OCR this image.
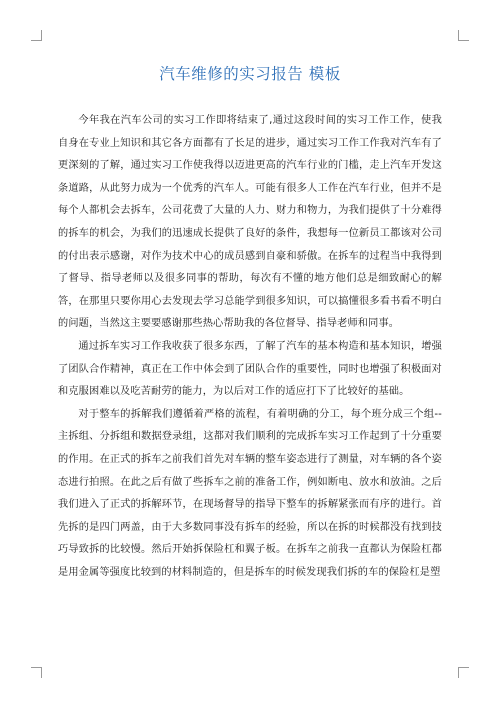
汽车维修的实习报告 模板

今年我在汽车公司的实习工作即将结束了,通过这段时间的实习工作工作，使我自身在专业上知识和其它各方面都有了长足的进步，通过实习工作工作我对汽车有了更深刻的了解，通过实习工作使我得以迈进更高的汽车行业的门槛，走上汽车开发这条道路，从此努力成为一个优秀的汽车人。可能有很多人工作在汽车行业，但并不是每个人都机会去拆车，公司花费了大量的人力、财力和物力，为我们提供了十分难得的拆车的机会，为我们的迅速成长提供了良好的条件，我想每一位新员工都该对公司的付出表示感谢，对作为技术中心的成员感到自豪和骄傲。在拆车的过程当中我得到了督导、指导老师以及很多同事的帮助，每次有不懂的地方他们总是细致耐心的解答，在那里只要你用心去发现去学习总能学到很多知识，可以搞懂很多看书看不明白的问题，当然这主要要感谢那些热心帮助我的各位督导、指导老师和同事。

通过拆车实习工作我收获了很多东西，了解了汽车的基本构造和基本知识，增强了团队合作精神，真正在工作中体会到了团队合作的重要性，同时也增强了积极面对和克服困难以及吃苦耐劳的能力，为以后对工作的适应打下了比较好的基础。

对于整车的拆解我们遵循着严格的流程，有着明确的分工，每个班分成三个组--主拆组、分拆组和数据登录组，这都对我们顺利的完成拆车实习工作起到了十分重要的作用。在正式的拆车之前我们首先对车辆的整车姿态进行了测量，对车辆的各个姿态进行拍照。在此之后有做了些拆车之前的准备工作，例如断电、放水和放油。之后我们进入了正式的拆解环节，在现场督导的指导下整车的拆解紧张而有序的进行。首先拆的是四门两盖，由于大多数同事没有拆车的经验，所以在拆的时候都没有找到技巧导致拆的比较慢。然后开始拆保险杠和翼子板。在拆车之前我一直都认为保险杠都是用金属等强度比较到的材料制造的，但是拆车的时候发现我们拆的车的保险杠是塑
